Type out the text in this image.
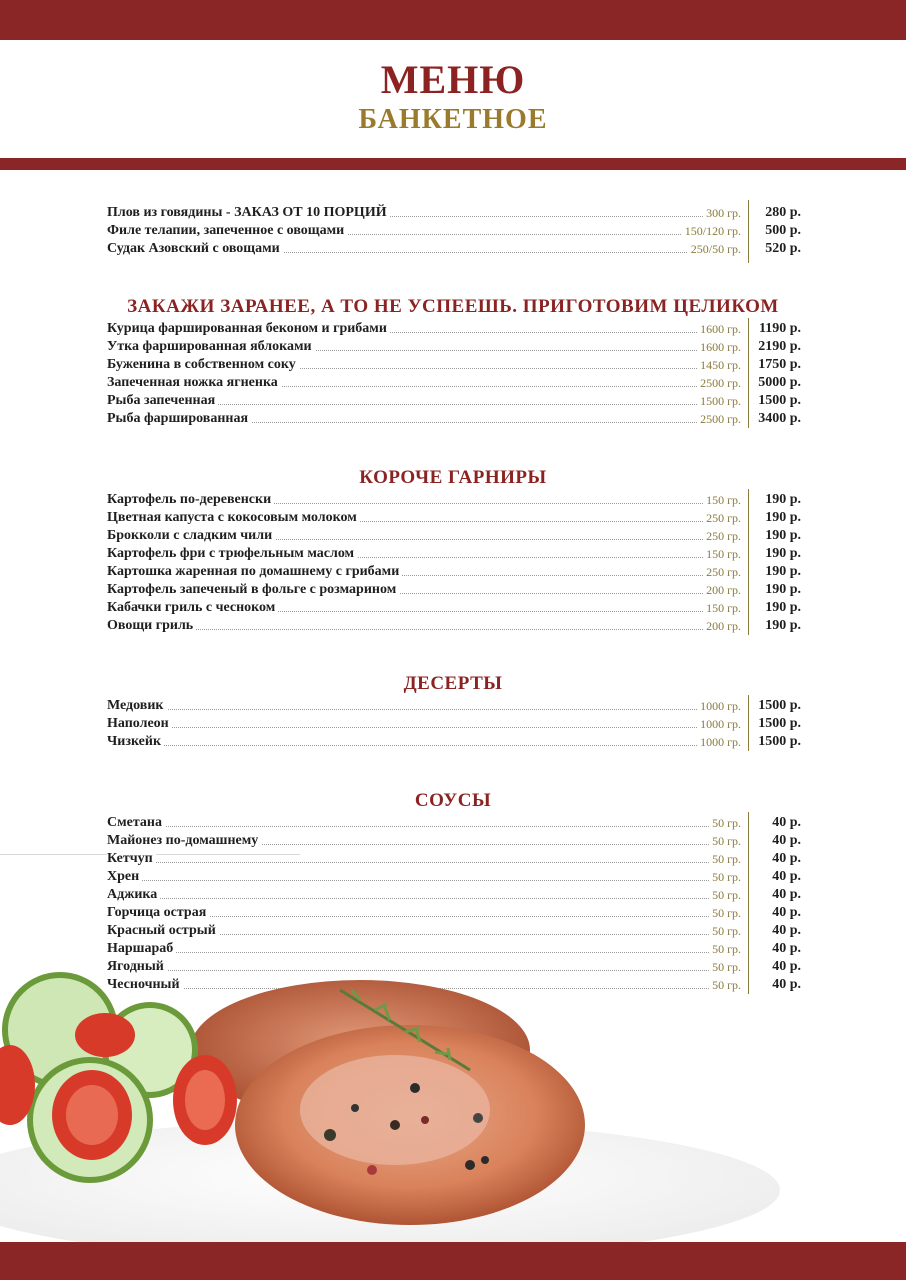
МЕНЮ
БАНКЕТНОЕ
Плов из говядины - ЗАКАЗ ОТ 10 ПОРЦИЙ	300 гр.	280 р.
Филе телапии, запеченное с овощами	150/120 гр.	500 р.
Судак Азовский с овощами	250/50 гр.	520 р.
ЗАКАЖИ ЗАРАНЕЕ, А ТО НЕ УСПЕЕШЬ. ПРИГОТОВИМ ЦЕЛИКОМ
Курица фаршированная беконом и грибами	1600 гр.	1190 р.
Утка фаршированная яблоками	1600 гр.	2190 р.
Буженина в собственном соку	1450 гр.	1750 р.
Запеченная ножка ягненка	2500 гр.	5000 р.
Рыба запеченная	1500 гр.	1500 р.
Рыба фаршированная	2500 гр.	3400 р.
КОРОЧЕ ГАРНИРЫ
Картофель по-деревенски	150 гр.	190 р.
Цветная капуста с кокосовым молоком	250 гр.	190 р.
Брокколи с сладким чили	250 гр.	190 р.
Картофель фри с трюфельным маслом	150 гр.	190 р.
Картошка жаренная по домашнему с грибами	250 гр.	190 р.
Картофель запеченый в фольге с розмарином	200 гр.	190 р.
Кабачки гриль с чесноком	150 гр.	190 р.
Овощи гриль	200 гр.	190 р.
ДЕСЕРТЫ
Медовик	1000 гр.	1500 р.
Наполеон	1000 гр.	1500 р.
Чизкейк	1000 гр.	1500 р.
СОУСЫ
Сметана	50 гр.	40 р.
Майонез по-домашнему	50 гр.	40 р.
Кетчуп	50 гр.	40 р.
Хрен	50 гр.	40 р.
Аджика	50 гр.	40 р.
Горчица острая	50 гр.	40 р.
Красный острый	50 гр.	40 р.
Наршараб	50 гр.	40 р.
Ягодный	50 гр.	40 р.
Чесночный	50 гр.	40 р.
